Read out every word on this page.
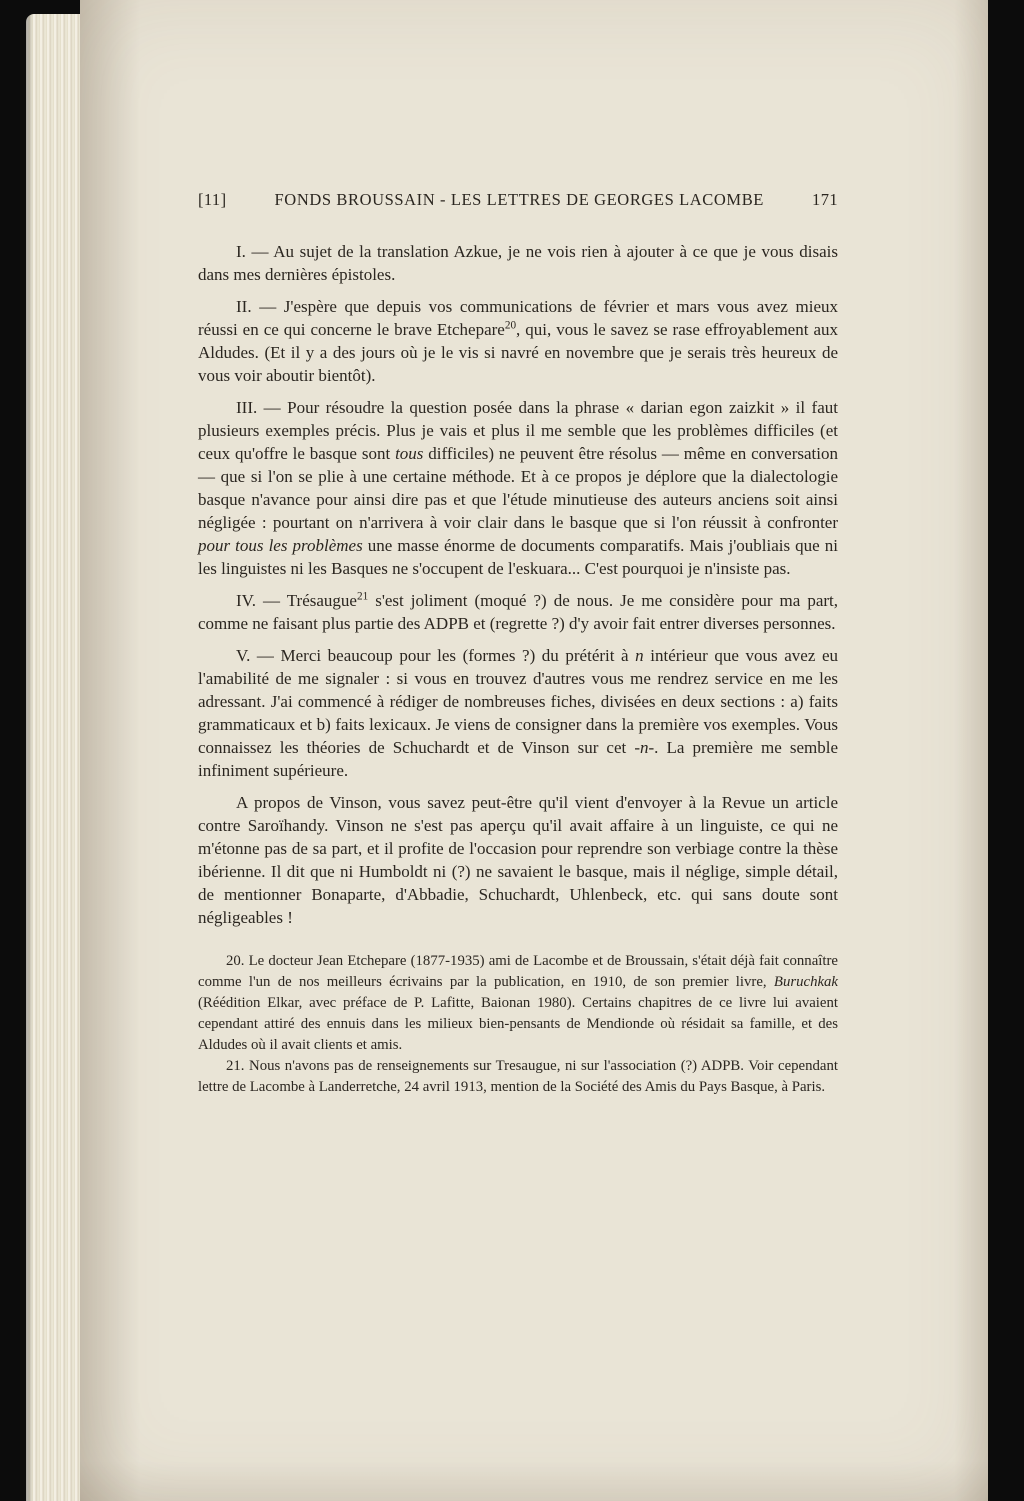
[11]	FONDS BROUSSAIN - LES LETTRES DE GEORGES LACOMBE	171

I. — Au sujet de la translation Azkue, je ne vois rien à ajouter à ce que je vous disais dans mes dernières épistoles.

II. — J'espère que depuis vos communications de février et mars vous avez mieux réussi en ce qui concerne le brave Etchepare$^{20}$, qui, vous le savez se rase effroyablement aux Aldudes. (Et il y a des jours où je le vis si navré en novembre que je serais très heureux de vous voir aboutir bientôt).

III. — Pour résoudre la question posée dans la phrase « darian egon zaizkit » il faut plusieurs exemples précis. Plus je vais et plus il me semble que les problèmes difficiles (et ceux qu'offre le basque sont tous difficiles) ne peuvent être résolus — même en conversation — que si l'on se plie à une certaine méthode. Et à ce propos je déplore que la dialectologie basque n'avance pour ainsi dire pas et que l'étude minutieuse des auteurs anciens soit ainsi négligée : pourtant on n'arrivera à voir clair dans le basque que si l'on réussit à confronter pour tous les problèmes une masse énorme de documents comparatifs. Mais j'oubliais que ni les linguistes ni les Basques ne s'occupent de l'eskuara... C'est pourquoi je n'insiste pas.

IV. — Trésaugue$^{21}$ s'est joliment (moqué ?) de nous. Je me considère pour ma part, comme ne faisant plus partie des ADPB et (regrette ?) d'y avoir fait entrer diverses personnes.

V. — Merci beaucoup pour les (formes ?) du prétérit à n intérieur que vous avez eu l'amabilité de me signaler : si vous en trouvez d'autres vous me rendrez service en me les adressant. J'ai commencé à rédiger de nombreuses fiches, divisées en deux sections : a) faits grammaticaux et b) faits lexicaux. Je viens de consigner dans la première vos exemples. Vous connaissez les théories de Schuchardt et de Vinson sur cet -n-. La première me semble infiniment supérieure.

A propos de Vinson, vous savez peut-être qu'il vient d'envoyer à la Revue un article contre Saroïhandy. Vinson ne s'est pas aperçu qu'il avait affaire à un linguiste, ce qui ne m'étonne pas de sa part, et il profite de l'occasion pour reprendre son verbiage contre la thèse ibérienne. Il dit que ni Humboldt ni (?) ne savaient le basque, mais il néglige, simple détail, de mentionner Bonaparte, d'Abbadie, Schuchardt, Uhlenbeck, etc. qui sans doute sont négligeables !

20. Le docteur Jean Etchepare (1877-1935) ami de Lacombe et de Broussain, s'était déjà fait connaître comme l'un de nos meilleurs écrivains par la publication, en 1910, de son premier livre, Buruchkak (Réédition Elkar, avec préface de P. Lafitte, Baionan 1980). Certains chapitres de ce livre lui avaient cependant attiré des ennuis dans les milieux bien-pensants de Mendionde où résidait sa famille, et des Aldudes où il avait clients et amis.

21. Nous n'avons pas de renseignements sur Tresaugue, ni sur l'association (?) ADPB. Voir cependant lettre de Lacombe à Landerretche, 24 avril 1913, mention de la Société des Amis du Pays Basque, à Paris.
